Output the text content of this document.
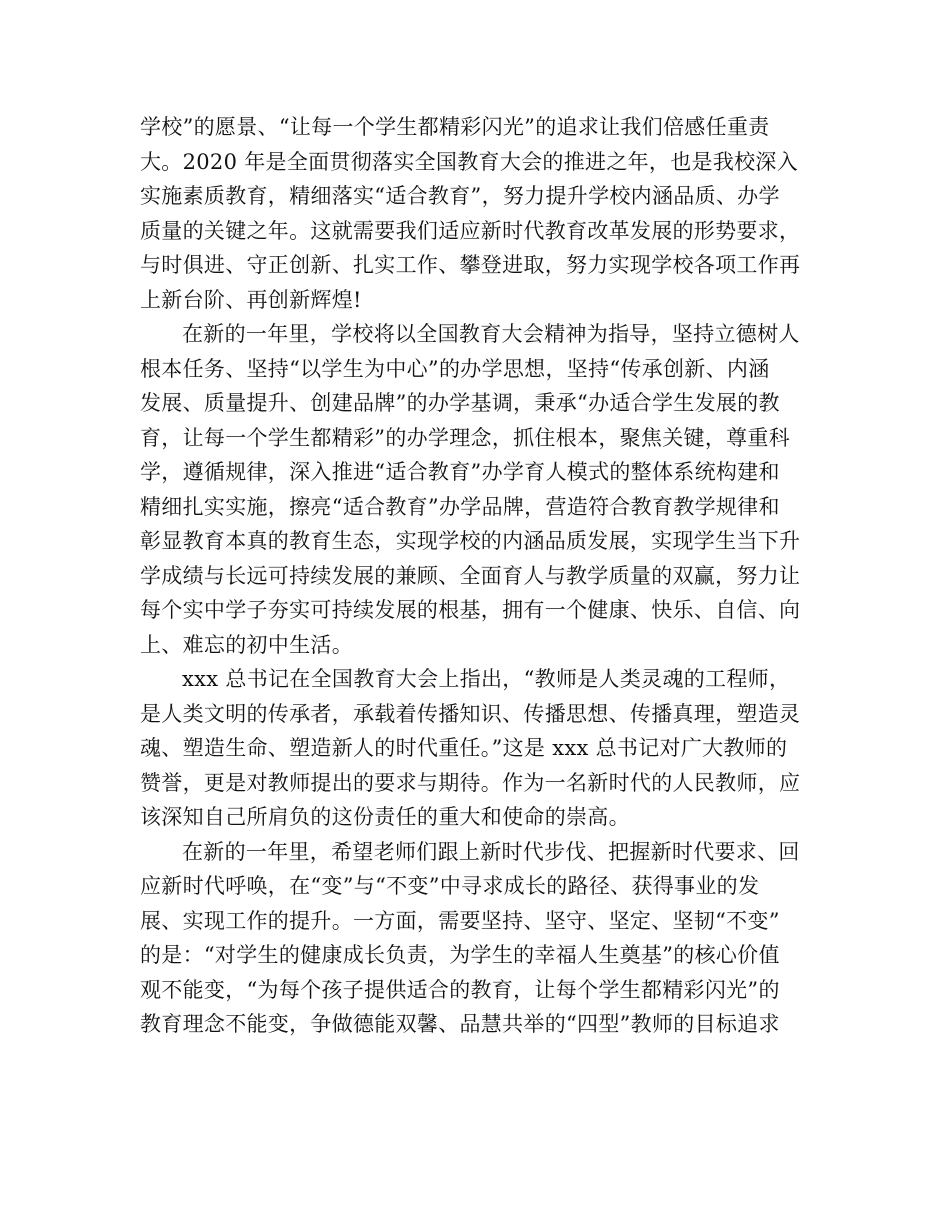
学校”的愿景、“让每一个学生都精彩闪光”的追求让我们倍感任重责
大。2020 年是全面贯彻落实全国教育大会的推进之年，也是我校深入
实施素质教育，精细落实“适合教育”，努力提升学校内涵品质、办学
质量的关键之年。这就需要我们适应新时代教育改革发展的形势要求，
与时俱进、守正创新、扎实工作、攀登进取，努力实现学校各项工作再
上新台阶、再创新辉煌!
在新的一年里，学校将以全国教育大会精神为指导，坚持立德树人
根本任务、坚持“以学生为中心”的办学思想，坚持“传承创新、内涵
发展、质量提升、创建品牌”的办学基调，秉承“办适合学生发展的教
育，让每一个学生都精彩”的办学理念，抓住根本，聚焦关键，尊重科
学，遵循规律，深入推进“适合教育”办学育人模式的整体系统构建和
精细扎实实施，擦亮“适合教育”办学品牌，营造符合教育教学规律和
彰显教育本真的教育生态，实现学校的内涵品质发展，实现学生当下升
学成绩与长远可持续发展的兼顾、全面育人与教学质量的双赢，努力让
每个实中学子夯实可持续发展的根基，拥有一个健康、快乐、自信、向
上、难忘的初中生活。
xxx 总书记在全国教育大会上指出，“教师是人类灵魂的工程师，
是人类文明的传承者，承载着传播知识、传播思想、传播真理，塑造灵
魂、塑造生命、塑造新人的时代重任。”这是 xxx 总书记对广大教师的
赞誉，更是对教师提出的要求与期待。作为一名新时代的人民教师，应
该深知自己所肩负的这份责任的重大和使命的崇高。
在新的一年里，希望老师们跟上新时代步伐、把握新时代要求、回
应新时代呼唤，在“变”与“不变”中寻求成长的路径、获得事业的发
展、实现工作的提升。一方面，需要坚持、坚守、坚定、坚韧“不变”
的是：“对学生的健康成长负责，为学生的幸福人生奠基”的核心价值
观不能变，“为每个孩子提供适合的教育，让每个学生都精彩闪光”的
教育理念不能变，争做德能双馨、品慧共举的“四型”教师的目标追求
